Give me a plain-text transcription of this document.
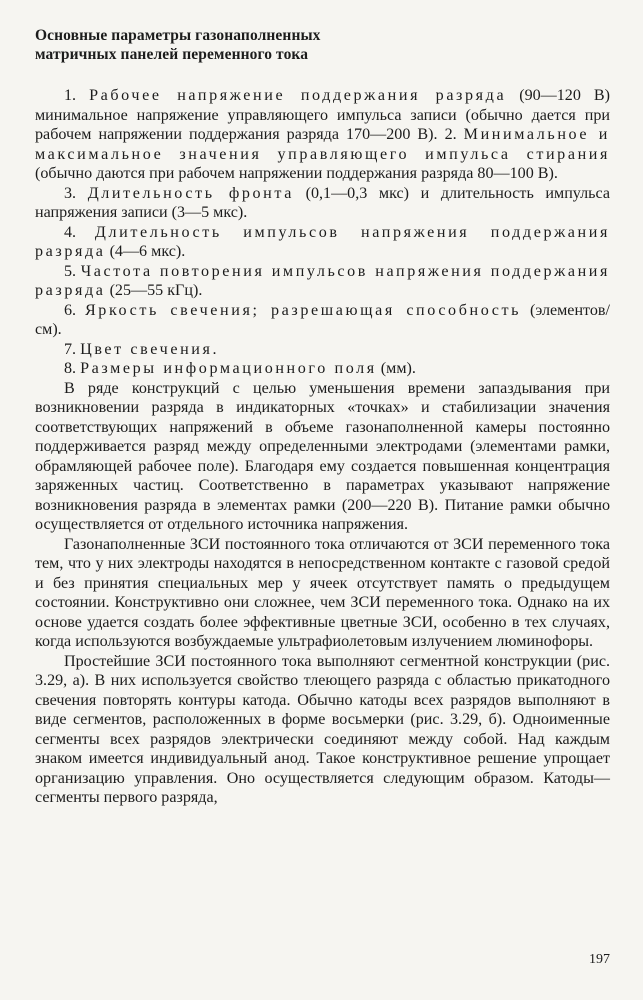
Основные параметры газонаполненных
матричных панелей переменного тока

1. Рабочее напряжение поддержания разряда (90—120 В) минимальное напряжение управляющего импульса записи (обычно дается при рабочем напряжении поддержания разряда 170—200 В). 2. Минимальное и максимальное значения управляющего импульса стирания (обычно даются при рабочем напряжении поддержания разряда 80—100 В).

3. Длительность фронта (0,1—0,3 мкс) и длительность импульса напряжения записи (3—5 мкс).

4. Длительность импульсов напряжения поддержания разряда (4—6 мкс).

5. Частота повторения импульсов напряжения поддержания разряда (25—55 кГц).

6. Яркость свечения; разрешающая способность (элементов/см).

7. Цвет свечения.

8. Размеры информационного поля (мм).

В ряде конструкций с целью уменьшения времени запаздывания при возникновении разряда в индикаторных «точках» и стабилизации значения соответствующих напряжений в объеме газонаполненной камеры постоянно поддерживается разряд между определенными электродами (элементами рамки, обрамляющей рабочее поле). Благодаря ему создается повышенная концентрация заряженных частиц. Соответственно в параметрах указывают напряжение возникновения разряда в элементах рамки (200—220 В). Питание рамки обычно осуществляется от отдельного источника напряжения.

Газонаполненные ЗСИ постоянного тока отличаются от ЗСИ переменного тока тем, что у них электроды находятся в непосредственном контакте с газовой средой и без принятия специальных мер у ячеек отсутствует память о предыдущем состоянии. Конструктивно они сложнее, чем ЗСИ переменного тока. Однако на их основе удается создать более эффективные цветные ЗСИ, особенно в тех случаях, когда используются возбуждаемые ультрафиолетовым излучением люминофоры.

Простейшие ЗСИ постоянного тока выполняют сегментной конструкции (рис. 3.29, а). В них используется свойство тлеющего разряда с областью прикатодного свечения повторять контуры катода. Обычно катоды всех разрядов выполняют в виде сегментов, расположенных в форме восьмерки (рис. 3.29, б). Одноименные сегменты всех разрядов электрически соединяют между собой. Над каждым знаком имеется индивидуальный анод. Такое конструктивное решение упрощает организацию управления. Оно осуществляется следующим образом. Катоды—сегменты первого разряда,

197
